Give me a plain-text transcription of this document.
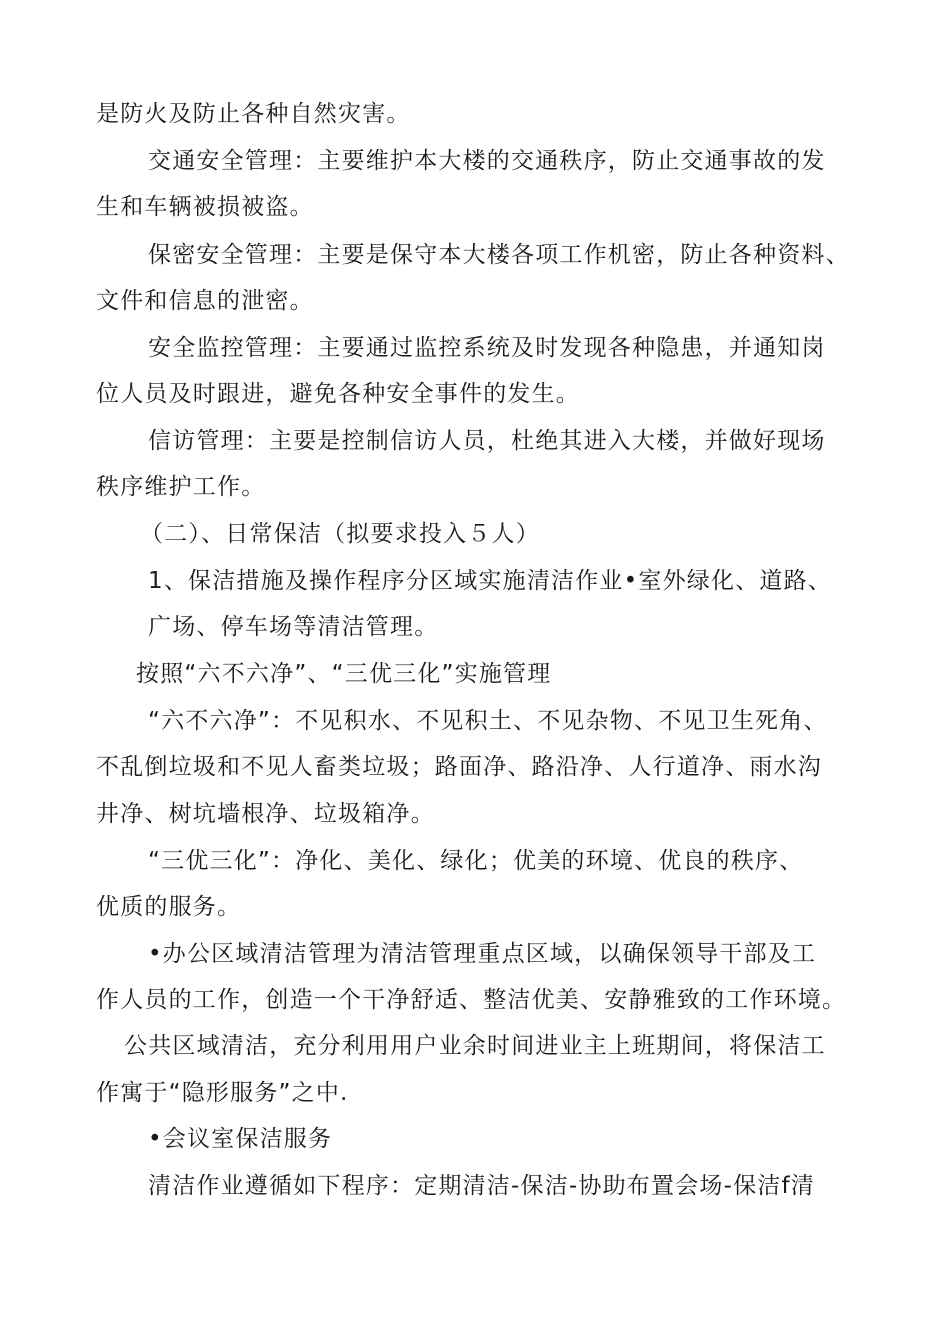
是防火及防止各种自然灾害。
交通安全管理：主要维护本大楼的交通秩序，防止交通事故的发
生和车辆被损被盗。
保密安全管理：主要是保守本大楼各项工作机密，防止各种资料、
文件和信息的泄密。
安全监控管理：主要通过监控系统及时发现各种隐患，并通知岗
位人员及时跟进，避免各种安全事件的发生。
信访管理：主要是控制信访人员，杜绝其进入大楼，并做好现场
秩序维护工作。
（二）、日常保洁（拟要求投入５人）
1、保洁措施及操作程序分区域实施清洁作业•室外绿化、道路、
广场、停车场等清洁管理。
按照“六不六净”、“三优三化”实施管理
“六不六净”：不见积水、不见积土、不见杂物、不见卫生死角、
不乱倒垃圾和不见人畜类垃圾；路面净、路沿净、人行道净、雨水沟
井净、树坑墙根净、垃圾箱净。
“三优三化”：净化、美化、绿化；优美的环境、优良的秩序、
优质的服务。
•办公区域清洁管理为清洁管理重点区域，以确保领导干部及工
作人员的工作，创造一个干净舒适、整洁优美、安静雅致的工作环境。
公共区域清洁，充分利用用户业余时间进业主上班期间，将保洁工
作寓于“隐形服务”之中.
•会议室保洁服务
清洁作业遵循如下程序：定期清洁-保洁-协助布置会场-保洁f清
